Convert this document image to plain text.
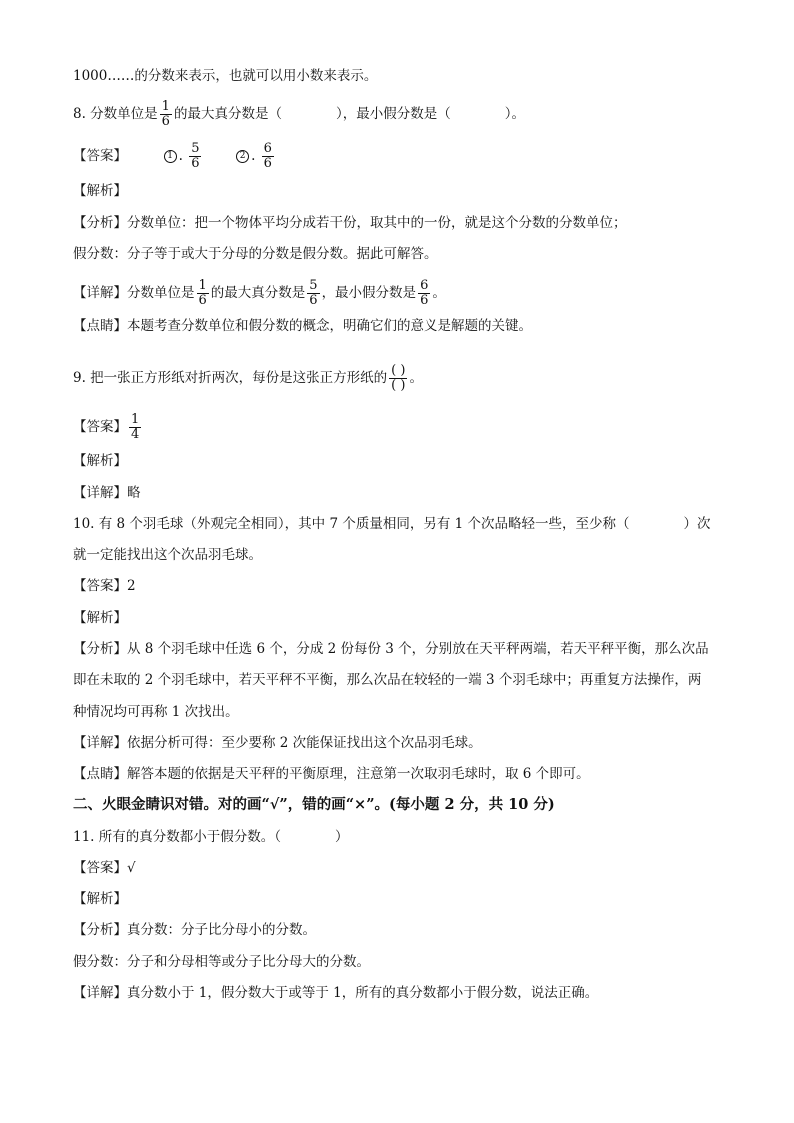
1000……的分数来表示，也就可以用小数来表示。
8. 分数单位是 $\frac{1}{6}$ 的最大真分数是（　　　　），最小假分数是（　　　　）。
【答案】	1 . $\frac{5}{6}$	2 . $\frac{6}{6}$
【解析】
【分析】分数单位：把一个物体平均分成若干份，取其中的一份，就是这个分数的分数单位；
假分数：分子等于或大于分母的分数是假分数。据此可解答。
【详解】分数单位是 $\frac{1}{6}$ 的最大真分数是 $\frac{5}{6}$ ，最小假分数是 $\frac{6}{6}$ 。
【点睛】本题考查分数单位和假分数的概念，明确它们的意义是解题的关键。
9. 把一张正方形纸对折两次，每份是这张正方形纸的 $\frac{( )}{( )}$ 。
【答案】 $\frac{1}{4}$
【解析】
【详解】略
10. 有 8 个羽毛球（外观完全相同），其中 7 个质量相同，另有 1 个次品略轻一些，至少称（　　　　）次
就一定能找出这个次品羽毛球。
【答案】2
【解析】
【分析】从 8 个羽毛球中任选 6 个，分成 2 份每份 3 个，分别放在天平秤两端，若天平秤平衡，那么次品
即在未取的 2 个羽毛球中，若天平秤不平衡，那么次品在较轻的一端 3 个羽毛球中；再重复方法操作，两
种情况均可再称 1 次找出。
【详解】依据分析可得：至少要称 2 次能保证找出这个次品羽毛球。
【点睛】解答本题的依据是天平秤的平衡原理，注意第一次取羽毛球时，取 6 个即可。
二、火眼金睛识对错。对的画“√”，错的画“×”。(每小题 2 分，共 10 分)
11. 所有的真分数都小于假分数。（　　　　）
【答案】√
【解析】
【分析】真分数：分子比分母小的分数。
假分数：分子和分母相等或分子比分母大的分数。
【详解】真分数小于 1，假分数大于或等于 1，所有的真分数都小于假分数，说法正确。
